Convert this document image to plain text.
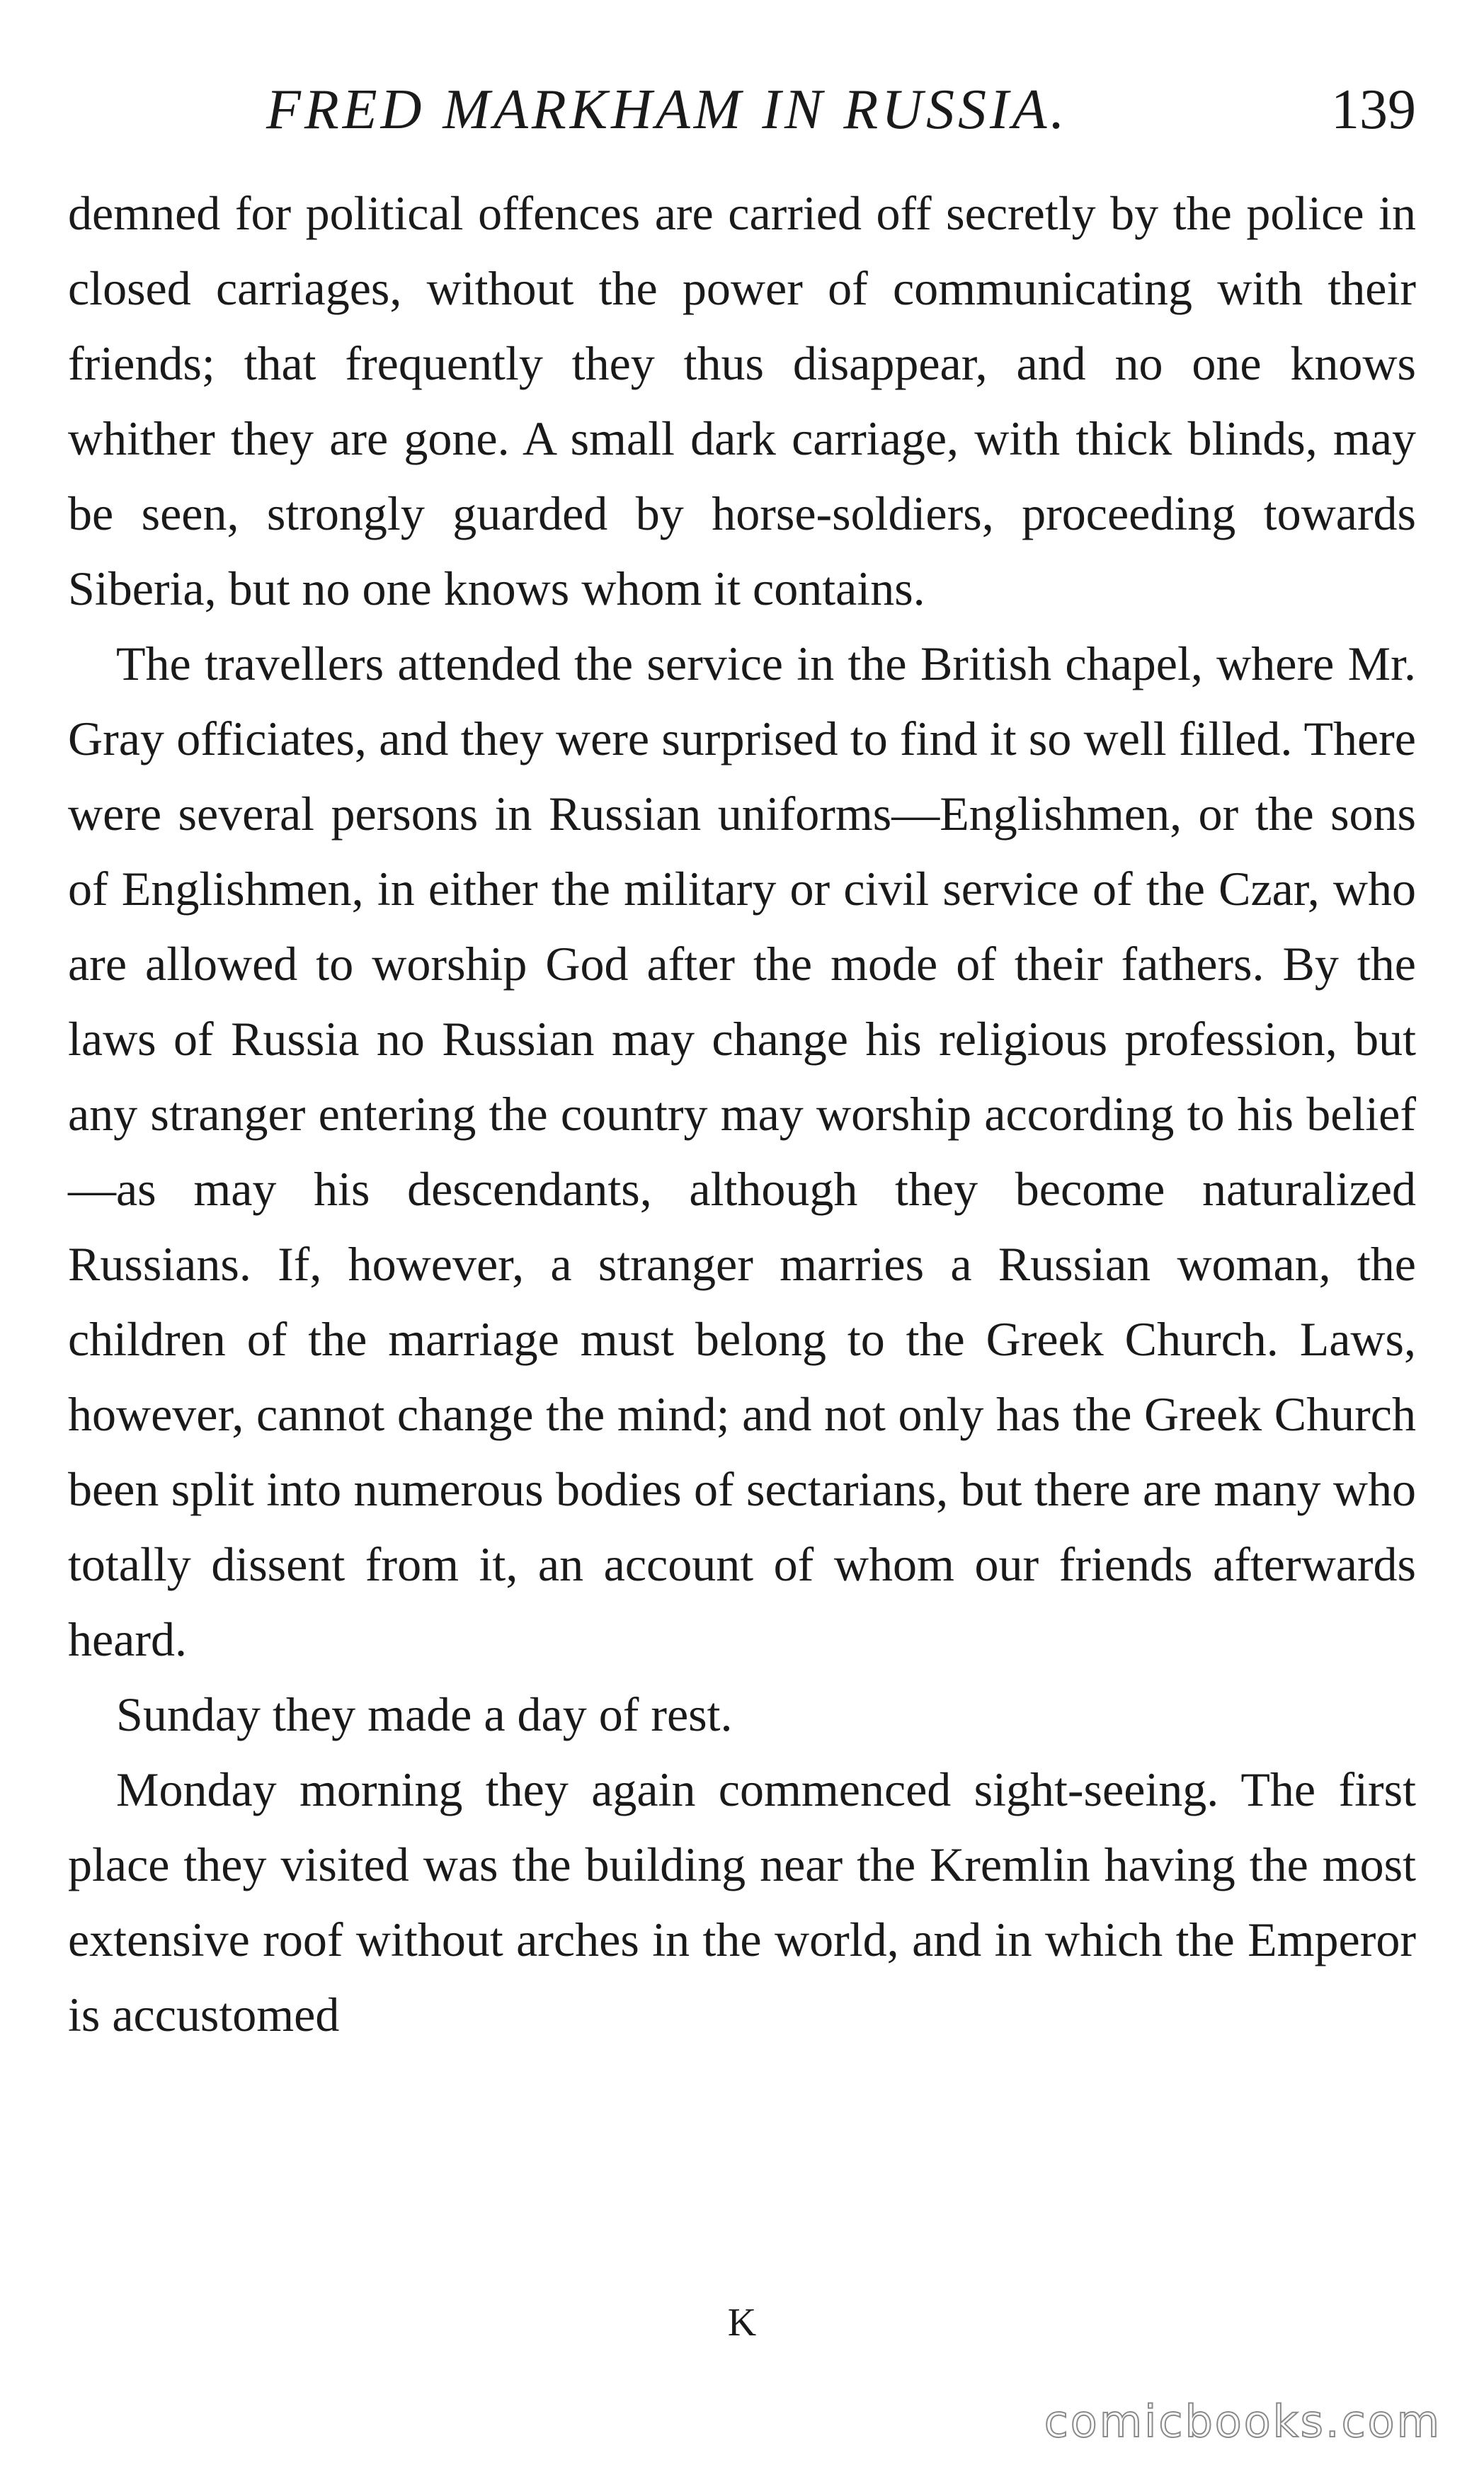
FRED MARKHAM IN RUSSIA.	139

demned for political offences are carried off secretly by the police in closed carriages, without the power of communicating with their friends; that frequently they thus disappear, and no one knows whither they are gone. A small dark carriage, with thick blinds, may be seen, strongly guarded by horse-soldiers, proceeding towards Siberia, but no one knows whom it contains.

The travellers attended the service in the British chapel, where Mr. Gray officiates, and they were surprised to find it so well filled. There were several persons in Russian uniforms—Englishmen, or the sons of Englishmen, in either the military or civil service of the Czar, who are allowed to worship God after the mode of their fathers. By the laws of Russia no Russian may change his religious profession, but any stranger entering the country may worship according to his belief—as may his descendants, although they become naturalized Russians. If, however, a stranger marries a Russian woman, the children of the marriage must belong to the Greek Church. Laws, however, cannot change the mind; and not only has the Greek Church been split into numerous bodies of sectarians, but there are many who totally dissent from it, an account of whom our friends afterwards heard.

Sunday they made a day of rest.

Monday morning they again commenced sight-seeing. The first place they visited was the building near the Kremlin having the most extensive roof without arches in the world, and in which the Emperor is accustomed

K
comicbooks.com
